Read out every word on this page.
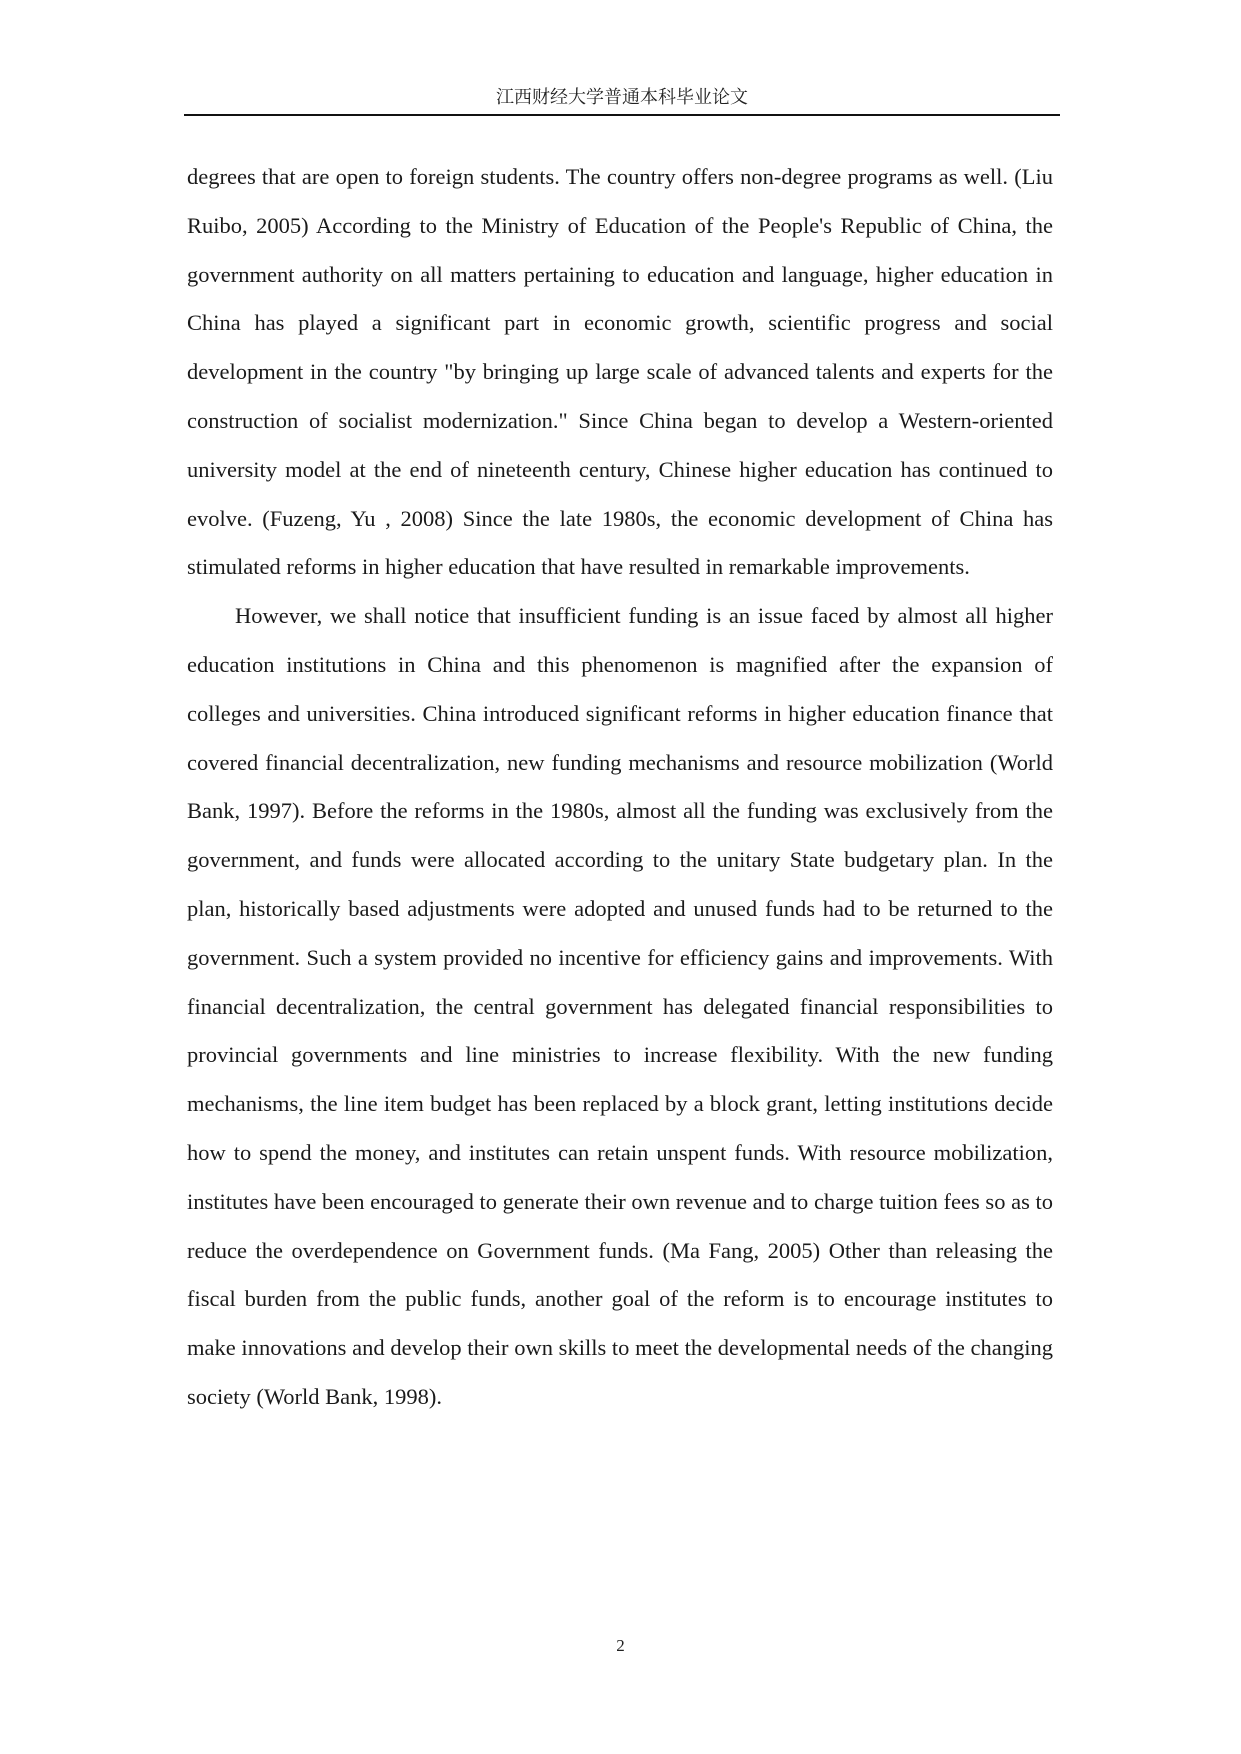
江西财经大学普通本科毕业论文

degrees that are open to foreign students. The country offers non-degree programs as well. (Liu Ruibo, 2005) According to the Ministry of Education of the People's Republic of China, the government authority on all matters pertaining to education and language, higher education in China has played a significant part in economic growth, scientific progress and social development in the country "by bringing up large scale of advanced talents and experts for the construction of socialist modernization." Since China began to develop a Western-oriented university model at the end of nineteenth century, Chinese higher education has continued to evolve. (Fuzeng, Yu , 2008) Since the late 1980s, the economic development of China has stimulated reforms in higher education that have resulted in remarkable improvements.

However, we shall notice that insufficient funding is an issue faced by almost all higher education institutions in China and this phenomenon is magnified after the expansion of colleges and universities. China introduced significant reforms in higher education finance that covered financial decentralization, new funding mechanisms and resource mobilization (World Bank, 1997). Before the reforms in the 1980s, almost all the funding was exclusively from the government, and funds were allocated according to the unitary State budgetary plan. In the plan, historically based adjustments were adopted and unused funds had to be returned to the government. Such a system provided no incentive for efficiency gains and improvements. With financial decentralization, the central government has delegated financial responsibilities to provincial governments and line ministries to increase flexibility. With the new funding mechanisms, the line item budget has been replaced by a block grant, letting institutions decide how to spend the money, and institutes can retain unspent funds. With resource mobilization, institutes have been encouraged to generate their own revenue and to charge tuition fees so as to reduce the overdependence on Government funds. (Ma Fang, 2005) Other than releasing the fiscal burden from the public funds, another goal of the reform is to encourage institutes to make innovations and develop their own skills to meet the developmental needs of the changing society (World Bank, 1998).

2
